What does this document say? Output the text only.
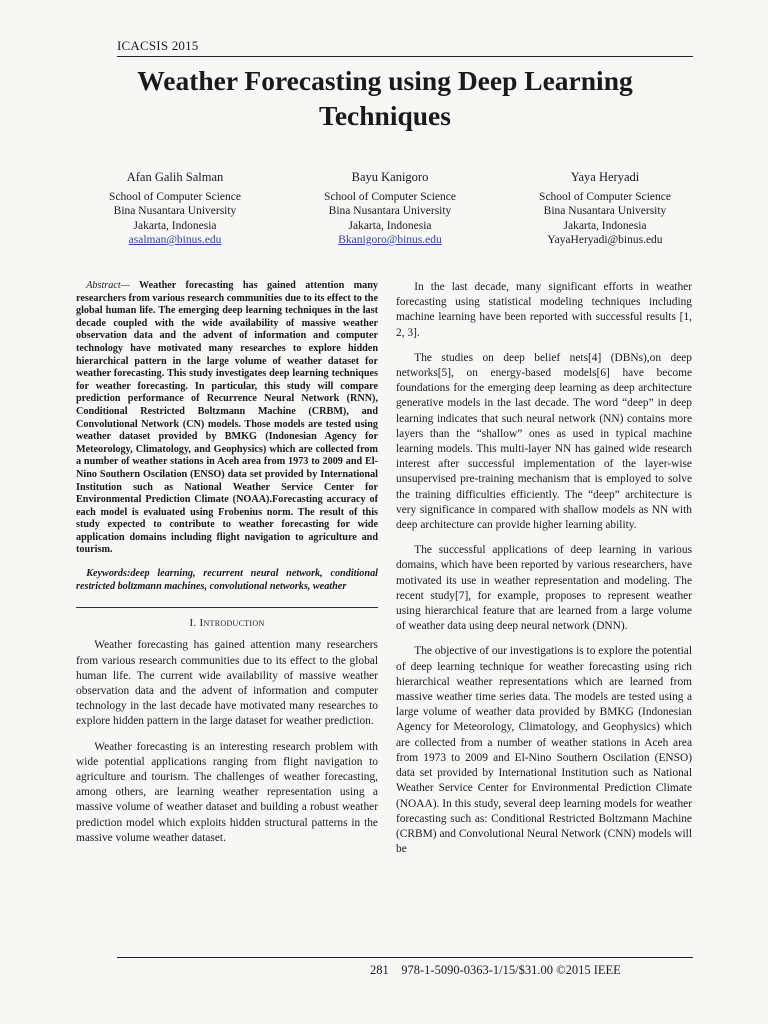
ICACSIS 2015
Weather Forecasting using Deep Learning
Techniques
Afan Galih Salman
School of Computer Science
Bina Nusantara University
Jakarta, Indonesia
asalman@binus.edu
Bayu Kanigoro
School of Computer Science
Bina Nusantara University
Jakarta, Indonesia
Bkanigoro@binus.edu
Yaya Heryadi
School of Computer Science
Bina Nusantara University
Jakarta, Indonesia
YayaHeryadi@binus.edu

Abstract— Weather forecasting has gained attention many researchers from various research communities due to its effect to the global human life. The emerging deep learning techniques in the last decade coupled with the wide availability of massive weather observation data and the advent of information and computer technology have motivated many researches to explore hidden hierarchical pattern in the large volume of weather dataset for weather forecasting. This study investigates deep learning techniques for weather forecasting. In particular, this study will compare prediction performance of Recurrence Neural Network (RNN), Conditional Restricted Boltzmann Machine (CRBM), and Convolutional Network (CN) models. Those models are tested using weather dataset provided by BMKG (Indonesian Agency for Meteorology, Climatology, and Geophysics) which are collected from a number of weather stations in Aceh area from 1973 to 2009 and El-Nino Southern Oscilation (ENSO) data set provided by International Institution such as National Weather Service Center for Environmental Prediction Climate (NOAA).Forecasting accuracy of each model is evaluated using Frobenius norm. The result of this study expected to contribute to weather forecasting for wide application domains including flight navigation to agriculture and tourism.

Keywords:deep learning, recurrent neural network, conditional restricted boltzmann machines, convolutional networks, weather

I. Introduction

Weather forecasting has gained attention many researchers from various research communities due to its effect to the global human life. The current wide availability of massive weather observation data and the advent of information and computer technology in the last decade have motivated many researches to explore hidden pattern in the large dataset for weather prediction.

Weather forecasting is an interesting research problem with wide potential applications ranging from flight navigation to agriculture and tourism. The challenges of weather forecasting, among others, are learning weather representation using a massive volume of weather dataset and building a robust weather prediction model which exploits hidden structural patterns in the massive volume weather dataset.

In the last decade, many significant efforts in weather forecasting using statistical modeling techniques including machine learning have been reported with successful results [1, 2, 3].

The studies on deep belief nets[4] (DBNs),on deep networks[5], on energy-based models[6] have become foundations for the emerging deep learning as deep architecture generative models in the last decade. The word “deep” in deep learning indicates that such neural network (NN) contains more layers than the “shallow” ones as used in typical machine learning models. This multi-layer NN has gained wide research interest after successful implementation of the layer-wise unsupervised pre-training mechanism that is employed to solve the training difficulties efficiently. The “deep” architecture is very significance in compared with shallow models as NN with deep architecture can provide higher learning ability.

The successful applications of deep learning in various domains, which have been reported by various researchers, have motivated its use in weather representation and modeling. The recent study[7], for example, proposes to represent weather using hierarchical feature that are learned from a large volume of weather data using deep neural network (DNN).

The objective of our investigations is to explore the potential of deep learning technique for weather forecasting using rich hierarchical weather representations which are learned from massive weather time series data. The models are tested using a large volume of weather data provided by BMKG (Indonesian Agency for Meteorology, Climatology, and Geophysics) which are collected from a number of weather stations in Aceh area from 1973 to 2009 and El-Nino Southern Oscilation (ENSO) data set provided by International Institution such as National Weather Service Center for Environmental Prediction Climate (NOAA). In this study, several deep learning models for weather forecasting such as: Conditional Restricted Boltzmann Machine (CRBM) and Convolutional Neural Network (CNN) models will be

281 978-1-5090-0363-1/15/$31.00 ©2015 IEEE
